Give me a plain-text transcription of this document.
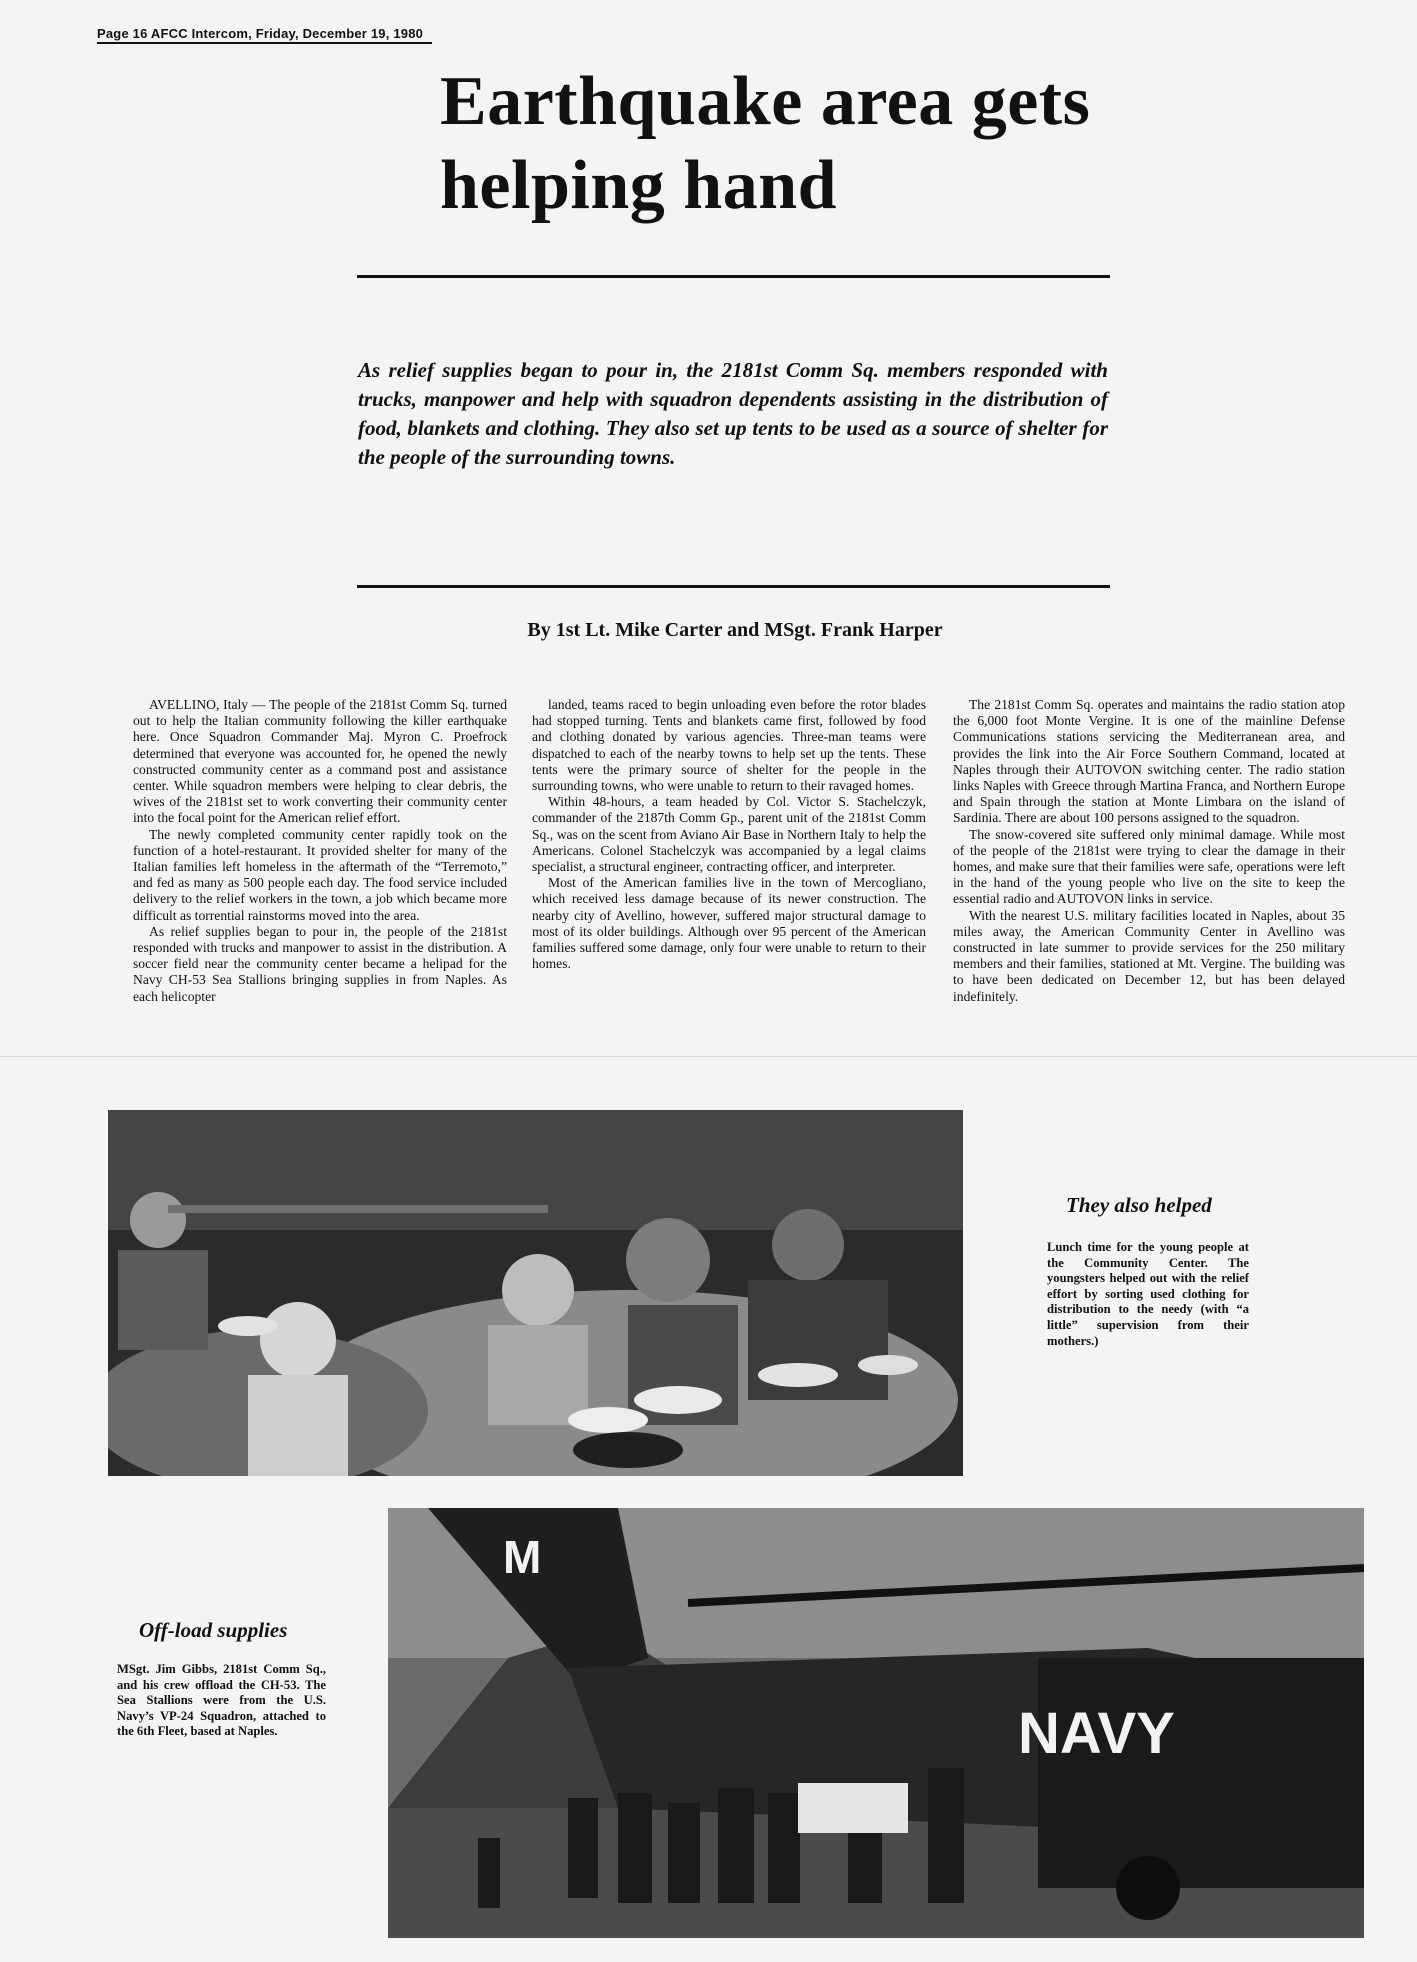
Page 16 AFCC Intercom, Friday, December 19, 1980
Earthquake area gets helping hand

As relief supplies began to pour in, the 2181st Comm Sq. members responded with trucks, manpower and help with squadron dependents assisting in the distribution of food, blankets and clothing. They also set up tents to be used as a source of shelter for the people of the surrounding towns.

By 1st Lt. Mike Carter and MSgt. Frank Harper

AVELLINO, Italy — The people of the 2181st Comm Sq. turned out to help the Italian community following the killer earthquake here. Once Squadron Commander Maj. Myron C. Proefrock determined that everyone was accounted for, he opened the newly constructed community center as a command post and assistance center. While squadron members were helping to clear debris, the wives of the 2181st set to work converting their community center into the focal point for the American relief effort.

The newly completed community center rapidly took on the function of a hotel-restaurant. It provided shelter for many of the Italian families left homeless in the aftermath of the “Terremoto,” and fed as many as 500 people each day. The food service included delivery to the relief workers in the town, a job which became more difficult as torrential rainstorms moved into the area.

As relief supplies began to pour in, the people of the 2181st responded with trucks and manpower to assist in the distribution. A soccer field near the community center became a helipad for the Navy CH-53 Sea Stallions bringing supplies in from Naples. As each helicopter

landed, teams raced to begin unloading even before the rotor blades had stopped turning. Tents and blankets came first, followed by food and clothing donated by various agencies. Three-man teams were dispatched to each of the nearby towns to help set up the tents. These tents were the primary source of shelter for the people in the surrounding towns, who were unable to return to their ravaged homes.

Within 48-hours, a team headed by Col. Victor S. Stachelczyk, commander of the 2187th Comm Gp., parent unit of the 2181st Comm Sq., was on the scent from Aviano Air Base in Northern Italy to help the Americans. Colonel Stachelczyk was accompanied by a legal claims specialist, a structural engineer, contracting officer, and interpreter.

Most of the American families live in the town of Mercogliano, which received less damage because of its newer construction. The nearby city of Avellino, however, suffered major structural damage to most of its older buildings. Although over 95 percent of the American families suffered some damage, only four were unable to return to their homes.

The 2181st Comm Sq. operates and maintains the radio station atop the 6,000 foot Monte Vergine. It is one of the mainline Defense Communications stations servicing the Mediterranean area, and provides the link into the Air Force Southern Command, located at Naples through their AUTOVON switching center. The radio station links Naples with Greece through Martina Franca, and Northern Europe and Spain through the station at Monte Limbara on the island of Sardinia. There are about 100 persons assigned to the squadron.

The snow-covered site suffered only minimal damage. While most of the people of the 2181st were trying to clear the damage in their homes, and make sure that their families were safe, operations were left in the hand of the young people who live on the site to keep the essential radio and AUTOVON links in service.

With the nearest U.S. military facilities located in Naples, about 35 miles away, the American Community Center in Avellino was constructed in late summer to provide services for the 250 military members and their families, stationed at Mt. Vergine. The building was to have been dedicated on December 12, but has been delayed indefinitely.

They also helped

Lunch time for the young people at the Community Center. The youngsters helped out with the relief effort by sorting used clothing for distribution to the needy (with “a little” supervision from their mothers.)

M
NAVY

Off-load supplies

MSgt. Jim Gibbs, 2181st Comm Sq., and his crew offload the CH-53. The Sea Stallions were from the U.S. Navy’s VP-24 Squadron, attached to the 6th Fleet, based at Naples.
